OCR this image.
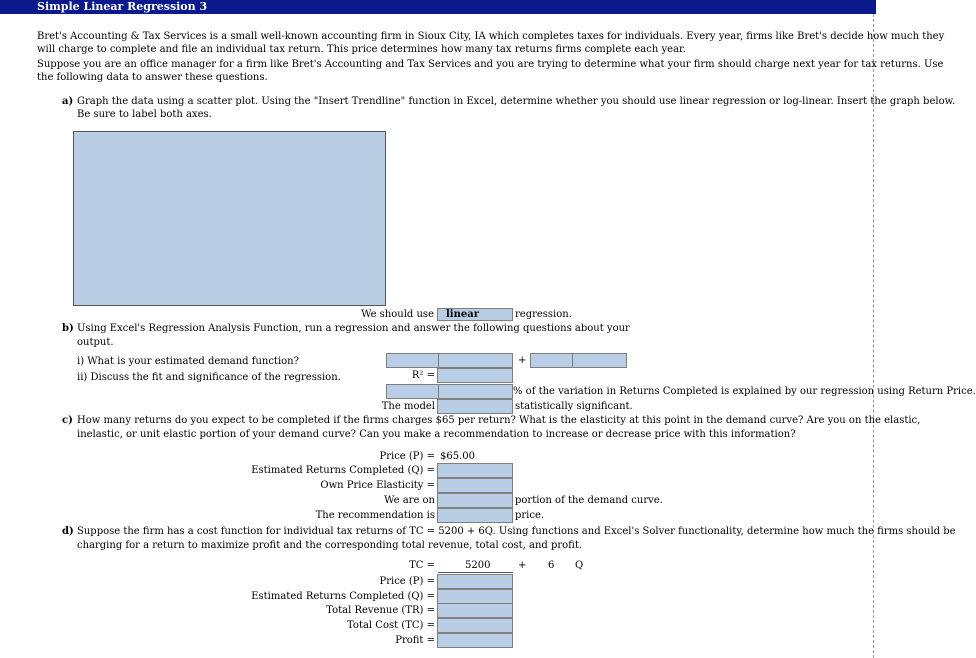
Simple Linear Regression 3
Bret's Accounting & Tax Services is a small well-known accounting firm in Sioux City, IA which completes taxes for individuals. Every year, firms like Bret's decide how much they
will charge to complete and file an individual tax return. This price determines how many tax returns firms complete each year.
Suppose you are an office manager for a firm like Bret's Accounting and Tax Services and you are trying to determine what your firm should charge next year for tax returns. Use
the following data to answer these questions.
a) Graph the data using a scatter plot. Using the "Insert Trendline" function in Excel, determine whether you should use linear regression or log-linear. Insert the graph below.
Be sure to label both axes.
We should use	linear	regression.
b) Using Excel's Regression Analysis Function, run a regression and answer the following questions about your
output.
i) What is your estimated demand function?
ii) Discuss the fit and significance of the regression.
+
R² =
% of the variation in Returns Completed is explained by our regression using Return Price.
The model	statistically significant.
c) How many returns do you expect to be completed if the firms charges $65 per return? What is the elasticity at this point in the demand curve? Are you on the elastic,
inelastic, or unit elastic portion of your demand curve? Can you make a recommendation to increase or decrease price with this information?
Price (P) = $65.00
Estimated Returns Completed (Q) =
Own Price Elasticity =
We are on	portion of the demand curve.
The recommendation is	price.
d) Suppose the firm has a cost function for individual tax returns of TC = 5200 + 6Q. Using functions and Excel's Solver functionality, determine how much the firms should be
charging for a return to maximize profit and the corresponding total revenue, total cost, and profit.
TC =	5200	+ 6 Q
Price (P) =
Estimated Returns Completed (Q) =
Total Revenue (TR) =
Total Cost (TC) =
Profit =
